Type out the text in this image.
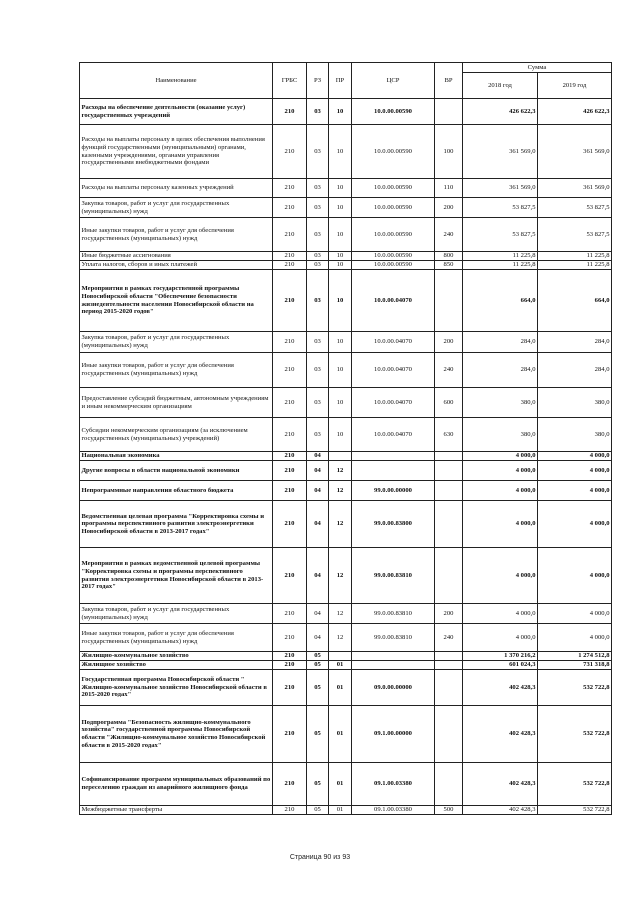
Наименование	ГРБС	РЗ	ПР	ЦСР	ВР	Сумма	
						2018 год	2019 год
Расходы на обеспечение деятельности (оказание услуг) государственных учреждений	210	03	10	10.0.00.00590		426 622,3	426 622,3
Расходы на выплаты персоналу в целях обеспечения выполнения функций государственными (муниципальными) органами, казенными учреждениями, органами управления государственными внебюджетными фондами	210	03	10	10.0.00.00590	100	361 569,0	361 569,0
Расходы на выплаты персоналу казенных учреждений	210	03	10	10.0.00.00590	110	361 569,0	361 569,0
Закупка товаров, работ и услуг для государственных (муниципальных) нужд	210	03	10	10.0.00.00590	200	53 827,5	53 827,5
Иные закупки товаров, работ и услуг для обеспечения государственных (муниципальных) нужд	210	03	10	10.0.00.00590	240	53 827,5	53 827,5
Иные бюджетные ассигнования	210	03	10	10.0.00.00590	800	11 225,8	11 225,8
Уплата налогов, сборов и иных платежей	210	03	10	10.0.00.00590	850	11 225,8	11 225,8
Мероприятия в рамках государственной программы Новосибирской области "Обеспечение безопасности жизнедеятельности населения Новосибирской области на период 2015-2020 годов"	210	03	10	10.0.00.04070		664,0	664,0
Закупка товаров, работ и услуг для государственных (муниципальных) нужд	210	03	10	10.0.00.04070	200	284,0	284,0
Иные закупки товаров, работ и услуг для обеспечения государственных (муниципальных) нужд	210	03	10	10.0.00.04070	240	284,0	284,0
Предоставление субсидий бюджетным, автономным учреждениям и иным некоммерческим организациям	210	03	10	10.0.00.04070	600	380,0	380,0
Субсидии некоммерческим организациям (за исключением государственных (муниципальных) учреждений)	210	03	10	10.0.00.04070	630	380,0	380,0
Национальная экономика	210	04				4 000,0	4 000,0
Другие вопросы в области национальной экономики	210	04	12			4 000,0	4 000,0
Непрограммные направления областного бюджета	210	04	12	99.0.00.00000		4 000,0	4 000,0
Ведомственная целевая программа "Корректировка схемы и программы перспективного развития электроэнергетики Новосибирской области в 2013-2017 годах"	210	04	12	99.0.00.83800		4 000,0	4 000,0
Мероприятия в рамках ведомственной целевой программы "Корректировка схемы и программы перспективного развития электроэнергетики Новосибирской области в 2013-2017 годах"	210	04	12	99.0.00.83810		4 000,0	4 000,0
Закупка товаров, работ и услуг для государственных (муниципальных) нужд	210	04	12	99.0.00.83810	200	4 000,0	4 000,0
Иные закупки товаров, работ и услуг для обеспечения государственных (муниципальных) нужд	210	04	12	99.0.00.83810	240	4 000,0	4 000,0
Жилищно-коммунальное хозяйство	210	05				1 370 216,2	1 274 512,8
Жилищное хозяйство	210	05	01			601 024,3	731 318,8
Государственная программа Новосибирской области " Жилищно-коммунальное хозяйство Новосибирской области в 2015-2020 годах"	210	05	01	09.0.00.00000		402 428,3	532 722,8
Подпрограмма "Безопасность жилищно-коммунального хозяйства" государственной программы Новосибирской области "Жилищно-коммунальное хозяйство Новосибирской области в 2015-2020 годах"	210	05	01	09.1.00.00000		402 428,3	532 722,8
Софинансирование программ муниципальных образований по переселению граждан из аварийного жилищного фонда	210	05	01	09.1.00.03380		402 428,3	532 722,8
Межбюджетные трансферты	210	05	01	09.1.00.03380	500	402 428,3	532 722,8
Страница 90 из 93
